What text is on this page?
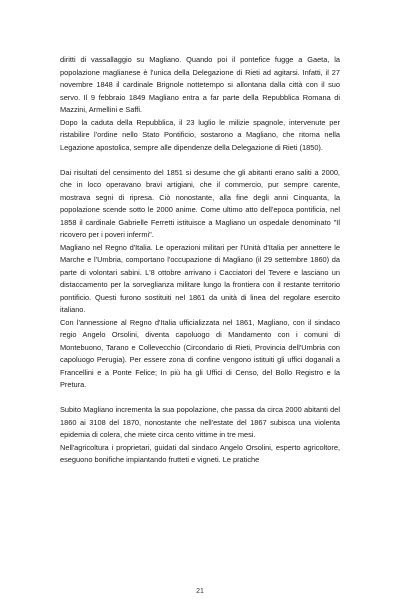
diritti di vassallaggio su Magliano. Quando poi il pontefice fugge a Gaeta, la popolazione maglianese è l'unica della Delegazione di Rieti ad agitarsi. Infatti, il 27 novembre 1848 il cardinale Brignole nottetempo si allontana dalla città con il suo servo. Il 9 febbraio 1849 Magliano entra a far parte della Repubblica Romana di Mazzini, Armellini e Saffi.

Dopo la caduta della Repubblica, il 23 luglio le milizie spagnole, intervenute per ristabilire l'ordine nello Stato Pontificio, sostarono a Magliano, che ritorna nella Legazione apostolica, sempre alle dipendenze della Delegazione di Rieti (1850).

Dai risultati del censimento del 1851 si desume che gli abitanti erano saliti a 2000, che in loco operavano bravi artigiani, che il commercio, pur sempre carente, mostrava segni di ripresa. Ciò nonostante, alla fine degli anni Cinquanta, la popolazione scende sotto le 2000 anime. Come ultimo atto dell'epoca pontificia, nel 1858 il cardinale Gabrielle Ferretti istituisce a Magliano un ospedale denominato "Il ricovero per i poveri infermi".

Magliano nel Regno d'Italia. Le operazioni militari per l'Unità d'Italia per annettere le Marche e l'Umbria, comportano l'occupazione di Magliano (il 29 settembre 1860) da parte di volontari sabini. L'8 ottobre arrivano i Cacciatori del Tevere e lasciano un distaccamento per la sorveglianza militare lungo la frontiera con il restante territorio pontificio. Questi furono sostituiti nel 1861 da unità di linea del regolare esercito italiano.

Con l'annessione al Regno d'Italia ufficializzata nel 1861, Magliano, con il sindaco regio Angelo Orsolini, diventa capoluogo di Mandamento con i comuni di Montebuono, Tarano e Collevecchio (Circondario di Rieti, Provincia dell'Umbria con capoluogo Perugia). Per essere zona di confine vengono istituiti gli uffici doganali a Francellini e a Ponte Felice; In più ha gli Uffici di Censo, del Bollo Registro e la Pretura.

Subito Magliano incrementa la sua popolazione, che passa da circa 2000 abitanti del 1860 ai 3108 del 1870, nonostante che nell'estate del 1867 subisca una violenta epidemia di colera, che miete circa cento vittime in tre mesi.

Nell'agricoltura i proprietari, guidati dal sindaco Angelo Orsolini, esperto agricoltore, eseguono bonifiche impiantando frutteti e vigneti. Le pratiche

21
